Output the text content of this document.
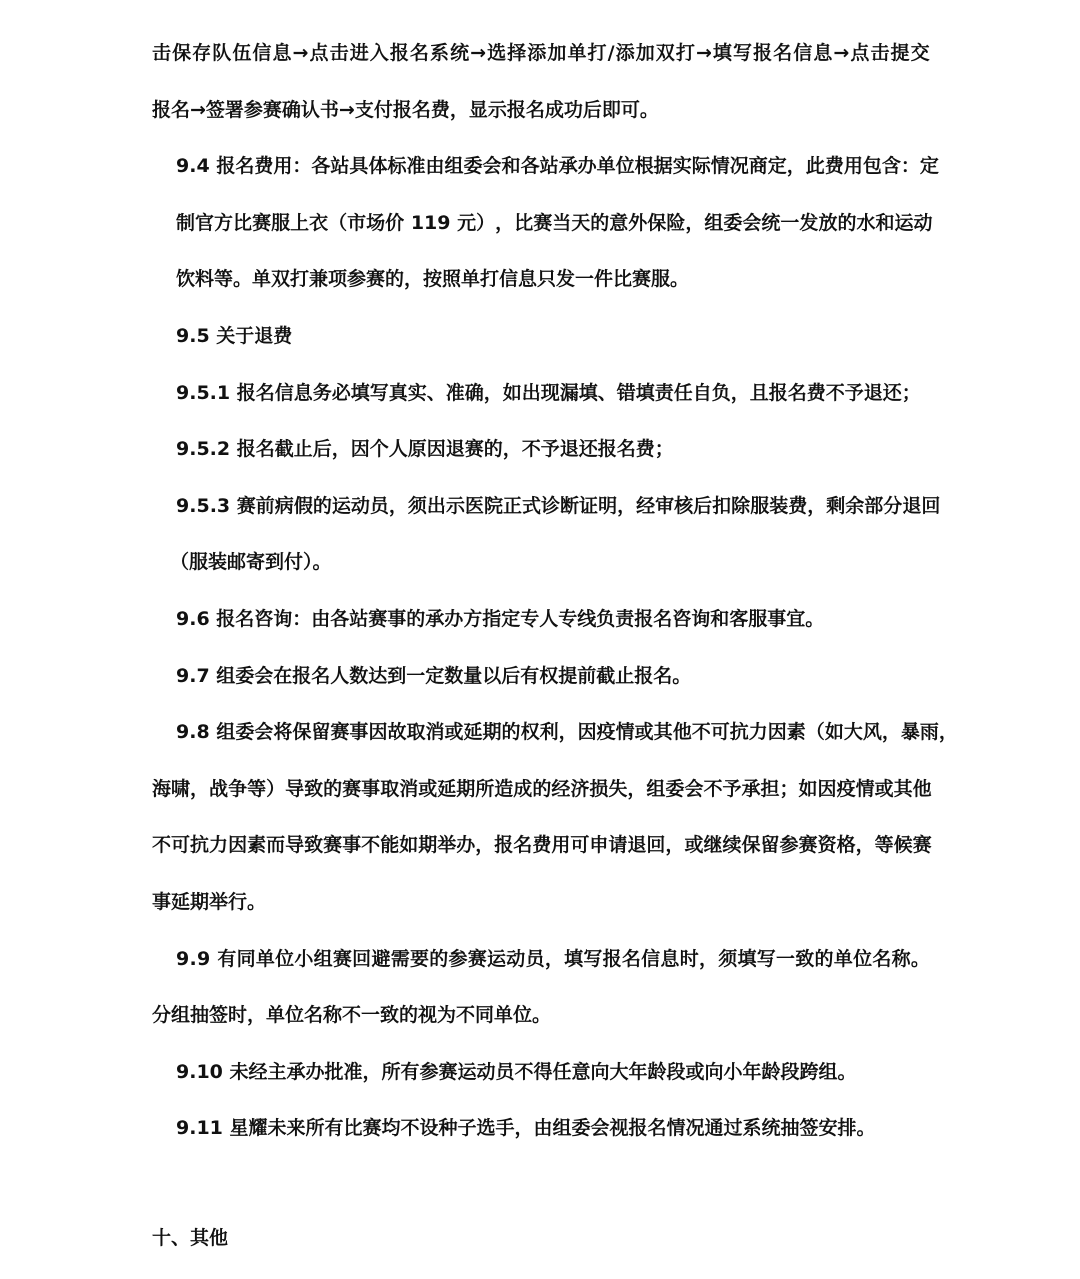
击 保 存 队 伍 信 息 → 点 击 进 入 报 名 系 统 → 选 择 添 加 单 打 / 添 加 双 打 → 填 写 报 名 信 息 → 点 击 提 交
报名→签署参赛确认书→支付报名费，显示报名成功后即可。
9 . 4
报 名 费 用 ： 各 站 具 体 标 准 由 组 委 会 和 各 站 承 办 单 位 根 据 实 际 情 况 商 定 ， 此 费 用 包 含 ： 定
制 官 方 比 赛 服 上 衣 （ 市 场 价
1 1 9
元 ） ， 比 赛 当 天 的 意 外 保 险 ， 组 委 会 统 一 发 放 的 水 和 运 动
饮料等。单双打兼项参赛的，按照单打信息只发一件比赛服。
9.5 关于退费
9.5.1 报名信息务必填写真实、准确，如出现漏填、错填责任自负，且报名费不予退还；
9.5.2 报名截止后，因个人原因退赛的，不予退还报名费；
9 . 5 . 3
赛 前 病 假 的 运 动 员 ， 须 出 示 医 院 正 式 诊 断 证 明 ， 经 审 核 后 扣 除 服 装 费 ， 剩 余 部 分 退 回
（服装邮寄到付）。
9.6 报名咨询：由各站赛事的承办方指定专人专线负责报名咨询和客服事宜。
9.7 组委会在报名人数达到一定数量以后有权提前截止报名。
9 . 8
组 委 会 将 保 留 赛 事 因 故 取 消 或 延 期 的 权 利 ， 因 疫 情 或 其 他 不 可 抗 力 因 素 （ 如 大 风 ， 暴 雨 ，
海 啸 ， 战 争 等 ） 导 致 的 赛 事 取 消 或 延 期 所 造 成 的 经 济 损 失 ， 组 委 会 不 予 承 担 ； 如 因 疫 情 或 其 他
不 可 抗 力 因 素 而 导 致 赛 事 不 能 如 期 举 办 ， 报 名 费 用 可 申 请 退 回 ， 或 继 续 保 留 参 赛 资 格 ， 等 候 赛
事延期举行。
9 . 9
有 同 单 位 小 组 赛 回 避 需 要 的 参 赛 运 动 员 ， 填 写 报 名 信 息 时 ， 须 填 写 一 致 的 单 位 名 称 。
分组抽签时，单位名称不一致的视为不同单位。
9.10 未经主承办批准，所有参赛运动员不得任意向大年龄段或向小年龄段跨组。
9.11 星耀未来所有比赛均不设种子选手，由组委会视报名情况通过系统抽签安排。
十、其他
